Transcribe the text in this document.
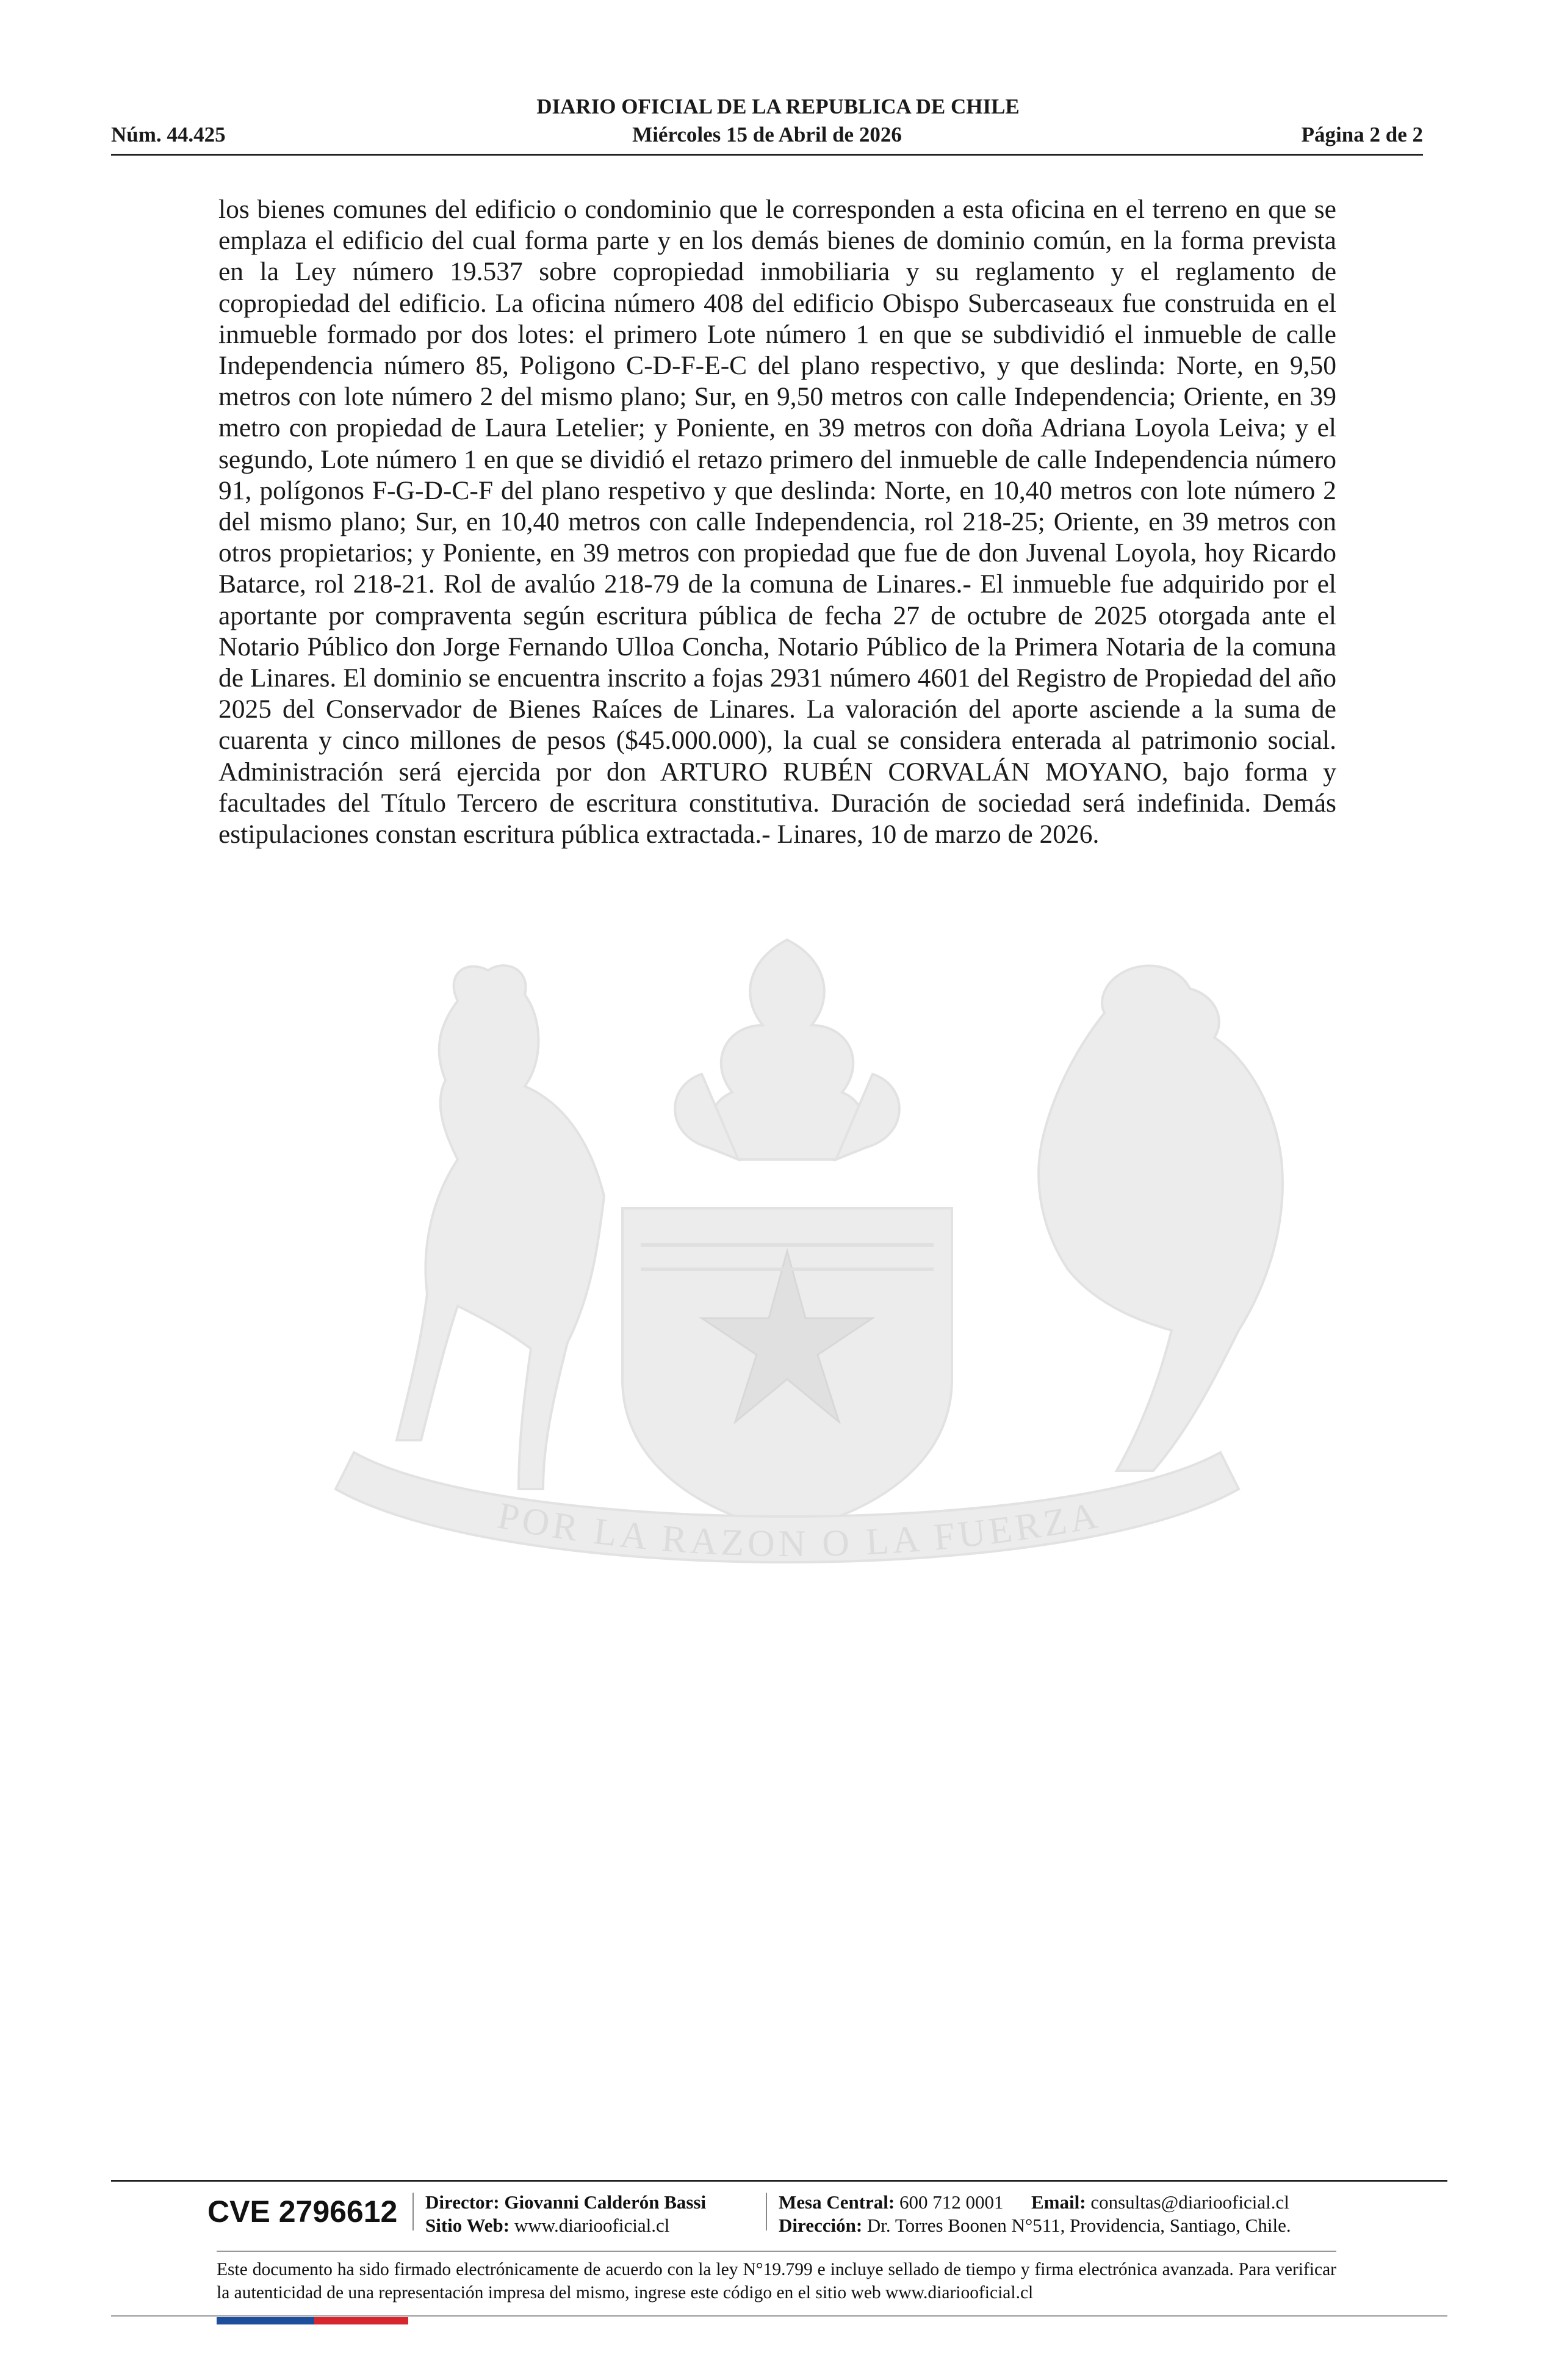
DIARIO OFICIAL DE LA REPUBLICA DE CHILE
Núm. 44.425	Miércoles 15 de Abril de 2026	Página 2 de 2
POR LA RAZON O LA FUERZA

los bienes comunes del edificio o condominio que le corresponden a esta oficina en el terreno en que se emplaza el edificio del cual forma parte y en los demás bienes de dominio común, en la forma prevista en la Ley número 19.537 sobre copropiedad inmobiliaria y su reglamento y el reglamento de copropiedad del edificio. La oficina número 408 del edificio Obispo Subercaseaux fue construida en el inmueble formado por dos lotes: el primero Lote número 1 en que se subdividió el inmueble de calle Independencia número 85, Poligono C-D-F-E-C del plano respectivo, y que deslinda: Norte, en 9,50 metros con lote número 2 del mismo plano; Sur, en 9,50 metros con calle Independencia; Oriente, en 39 metro con propiedad de Laura Letelier; y Poniente, en 39 metros con doña Adriana Loyola Leiva; y el segundo, Lote número 1 en que se dividió el retazo primero del inmueble de calle Independencia número 91, polígonos F-G-D-C-F del plano respetivo y que deslinda: Norte, en 10,40 metros con lote número 2 del mismo plano; Sur, en 10,40 metros con calle Independencia, rol 218-25; Oriente, en 39 metros con otros propietarios; y Poniente, en 39 metros con propiedad que fue de don Juvenal Loyola, hoy Ricardo Batarce, rol 218-21. Rol de avalúo 218-79 de la comuna de Linares.- El inmueble fue adquirido por el aportante por compraventa según escritura pública de fecha 27 de octubre de 2025 otorgada ante el Notario Público don Jorge Fernando Ulloa Concha, Notario Público de la Primera Notaria de la comuna de Linares. El dominio se encuentra inscrito a fojas 2931 número 4601 del Registro de Propiedad del año 2025 del Conservador de Bienes Raíces de Linares. La valoración del aporte asciende a la suma de cuarenta y cinco millones de pesos ($45.000.000), la cual se considera enterada al patrimonio social. Administración será ejercida por don ARTURO RUBÉN CORVALÁN MOYANO, bajo forma y facultades del Título Tercero de escritura constitutiva. Duración de sociedad será indefinida. Demás estipulaciones constan escritura pública extractada.- Linares, 10 de marzo de 2026.

CVE 2796612 Director: Giovanni Calderón Bassi
Sitio Web: www.diariooficial.cl
Mesa Central: 600 712 0001 Email: consultas@diariooficial.cl
Dirección: Dr. Torres Boonen N°511, Providencia, Santiago, Chile.

Este documento ha sido firmado electrónicamente de acuerdo con la ley N°19.799 e incluye sellado de tiempo y firma electrónica avanzada. Para verificar la autenticidad de una representación impresa del mismo, ingrese este código en el sitio web www.diariooficial.cl
